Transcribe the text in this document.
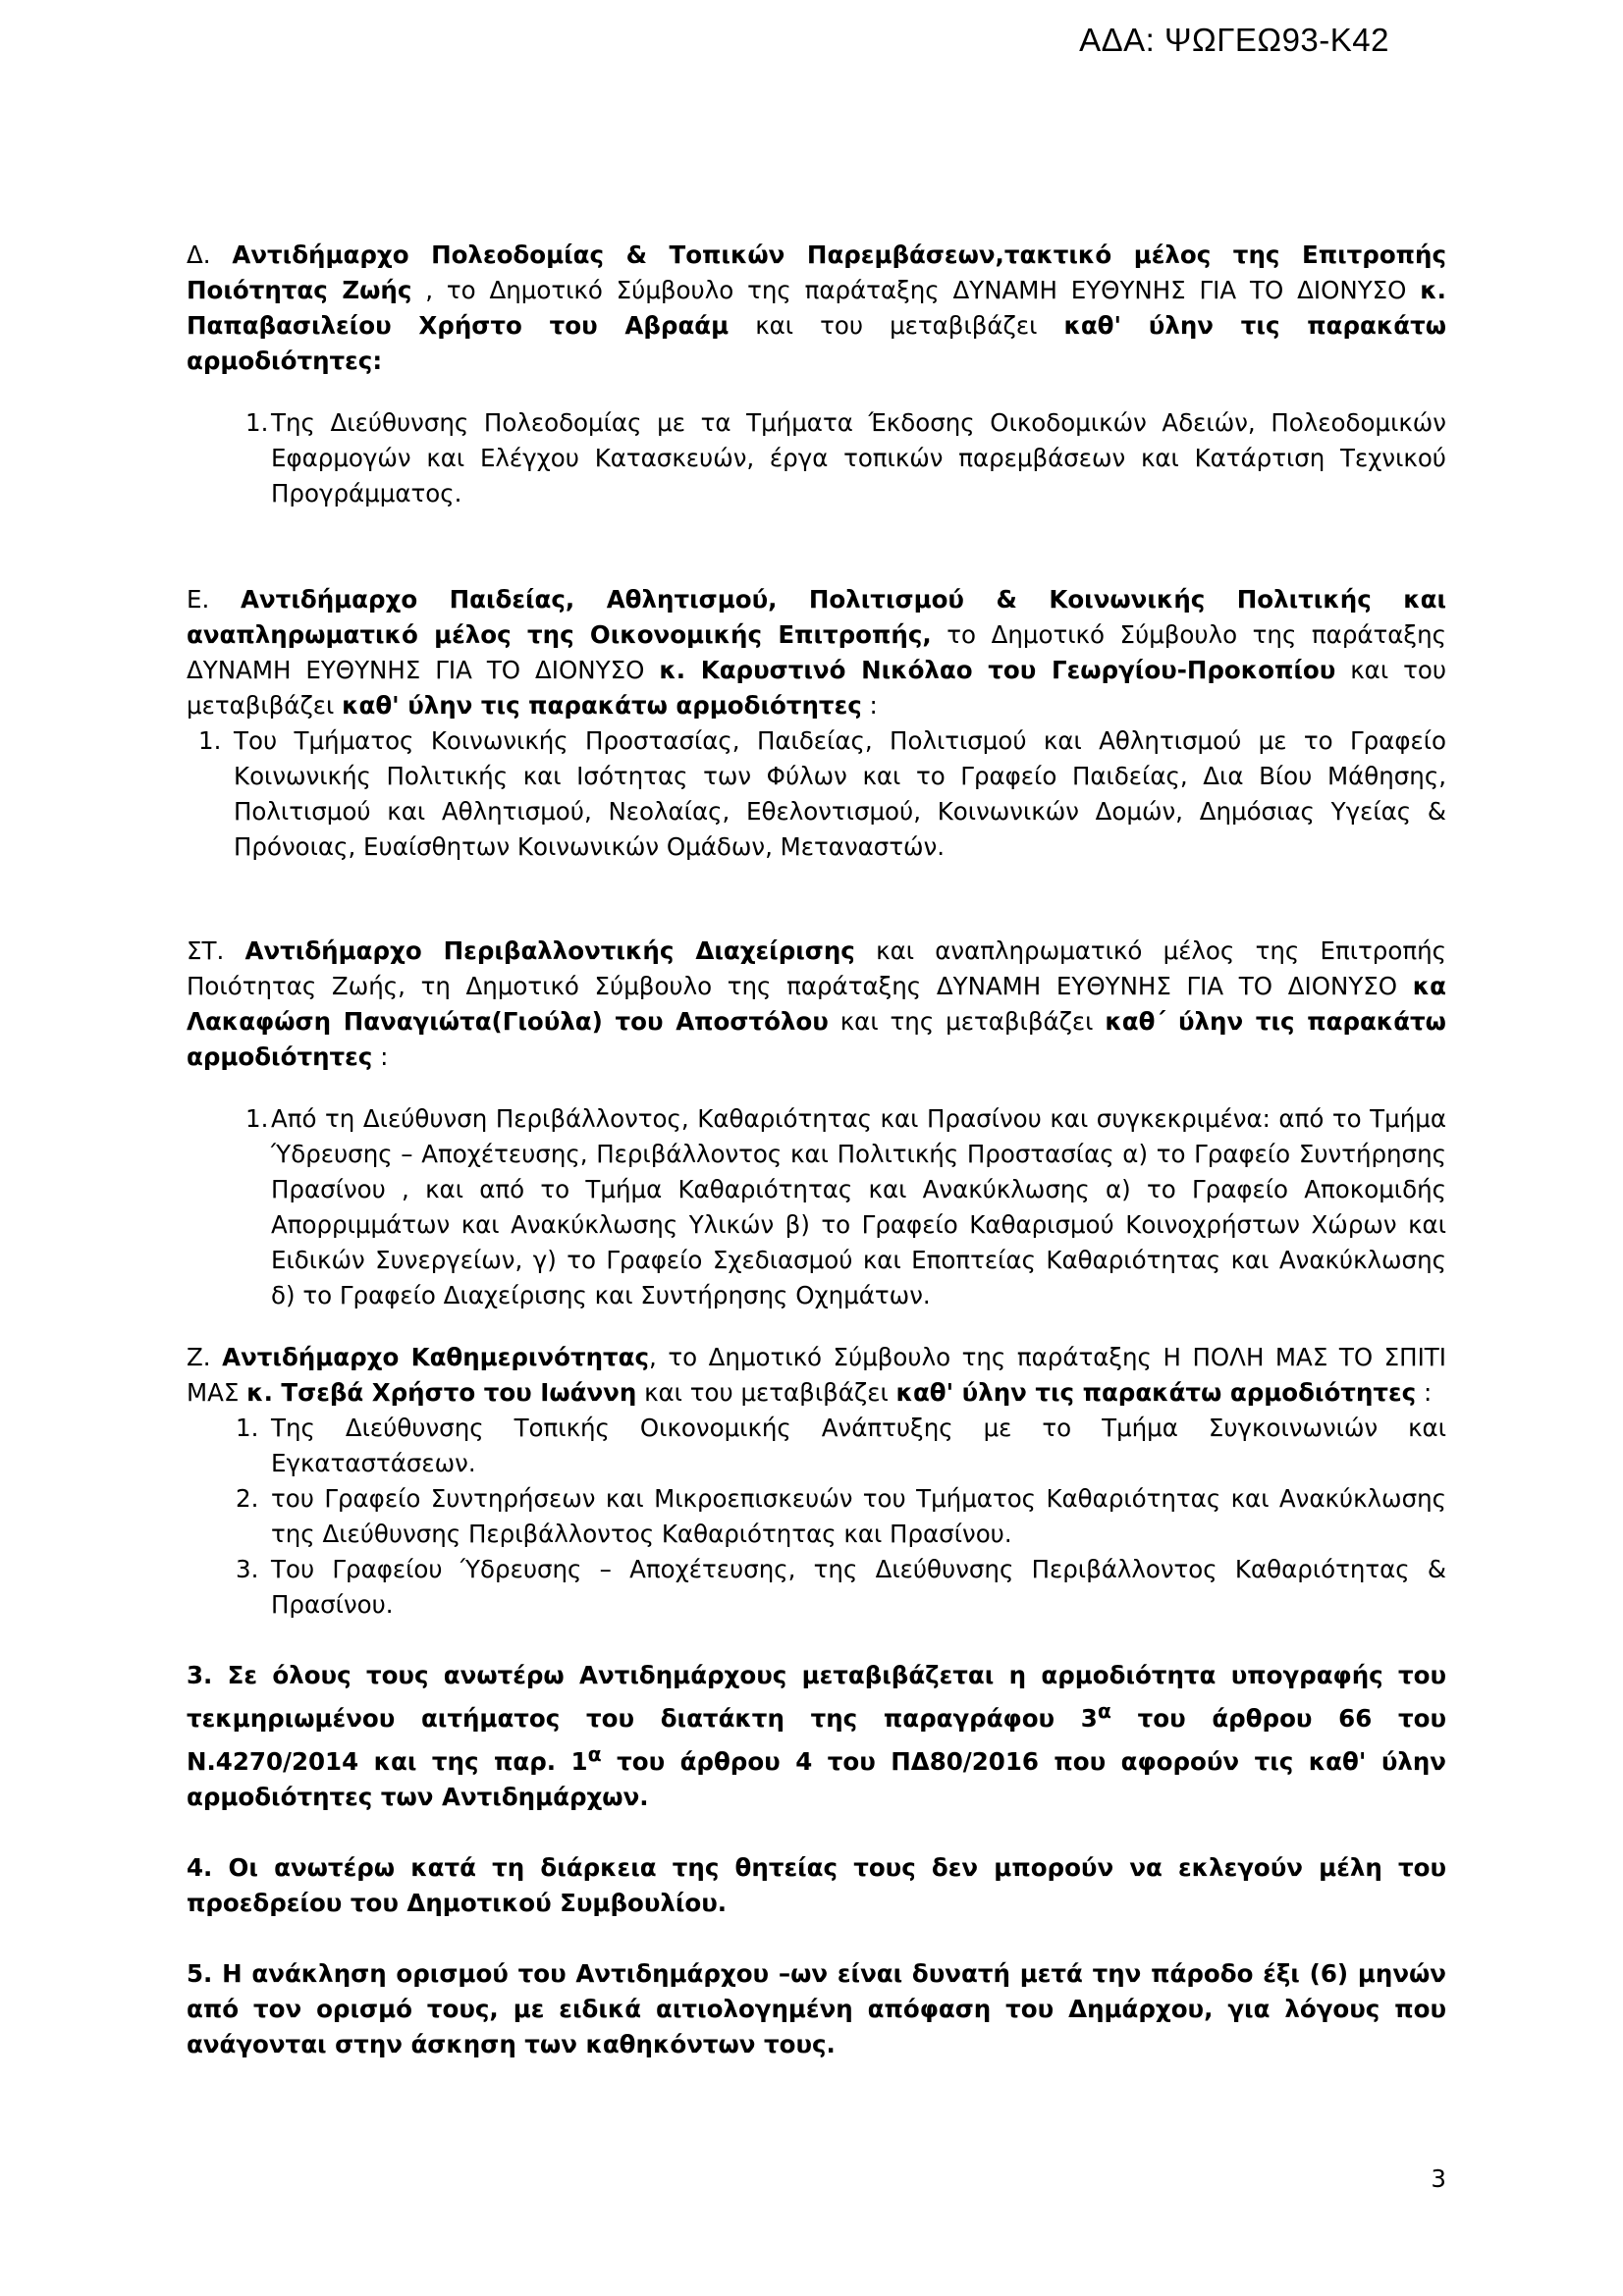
ΑΔΑ: ΨΩΓΕΩ93-Κ42

Δ. Αντιδήμαρχο Πολεοδομίας & Τοπικών Παρεμβάσεων,τακτικό μέλος της Επιτροπής Ποιότητας Ζωής , το Δημοτικό Σύμβουλο της παράταξης ΔΥΝΑΜΗ ΕΥΘΥΝΗΣ ΓΙΑ ΤΟ ΔΙΟΝΥΣΟ κ. Παπαβασιλείου Χρήστο του Αβραάμ και του μεταβιβάζει καθ' ύλην τις παρακάτω αρμοδιότητες:

1. Της Διεύθυνσης Πολεοδομίας με τα Τμήματα Έκδοσης Οικοδομικών Αδειών, Πολεοδομικών Εφαρμογών και Ελέγχου Κατασκευών, έργα τοπικών παρεμβάσεων και Κατάρτιση Τεχνικού Προγράμματος.

Ε. Αντιδήμαρχο Παιδείας, Αθλητισμού, Πολιτισμού & Κοινωνικής Πολιτικής και αναπληρωματικό μέλος της Οικονομικής Επιτροπής, το Δημοτικό Σύμβουλο της παράταξης ΔΥΝΑΜΗ ΕΥΘΥΝΗΣ ΓΙΑ ΤΟ ΔΙΟΝΥΣΟ κ. Καρυστινό Νικόλαο του Γεωργίου-Προκοπίου και του μεταβιβάζει καθ' ύλην τις παρακάτω αρμοδιότητες :

1. Του Τμήματος Κοινωνικής Προστασίας, Παιδείας, Πολιτισμού και Αθλητισμού με το Γραφείο Κοινωνικής Πολιτικής και Ισότητας των Φύλων και το Γραφείο Παιδείας, Δια Βίου Μάθησης, Πολιτισμού και Αθλητισμού, Νεολαίας, Εθελοντισμού, Κοινωνικών Δομών, Δημόσιας Υγείας & Πρόνοιας, Ευαίσθητων Κοινωνικών Ομάδων, Μεταναστών.

ΣΤ. Αντιδήμαρχο Περιβαλλοντικής Διαχείρισης και αναπληρωματικό μέλος της Επιτροπής Ποιότητας Ζωής, τη Δημοτικό Σύμβουλο της παράταξης ΔΥΝΑΜΗ ΕΥΘΥΝΗΣ ΓΙΑ ΤΟ ΔΙΟΝΥΣΟ κα Λακαφώση Παναγιώτα(Γιούλα) του Αποστόλου και της μεταβιβάζει καθ΄ ύλην τις παρακάτω αρμοδιότητες :

1. Από τη Διεύθυνση Περιβάλλοντος, Καθαριότητας και Πρασίνου και συγκεκριμένα: από το Τμήμα Ύδρευσης – Αποχέτευσης, Περιβάλλοντος και Πολιτικής Προστασίας α) το Γραφείο Συντήρησης Πρασίνου , και από το Τμήμα Καθαριότητας και Ανακύκλωσης α) το Γραφείο Αποκομιδής Απορριμμάτων και Ανακύκλωσης Υλικών β) το Γραφείο Καθαρισμού Κοινοχρήστων Χώρων και Ειδικών Συνεργείων, γ) το Γραφείο Σχεδιασμού και Εποπτείας Καθαριότητας και Ανακύκλωσης δ) το Γραφείο Διαχείρισης και Συντήρησης Οχημάτων.

Ζ. Αντιδήμαρχο Καθημερινότητας, το Δημοτικό Σύμβουλο της παράταξης Η ΠΟΛΗ ΜΑΣ ΤΟ ΣΠΙΤΙ ΜΑΣ κ. Τσεβά Χρήστο του Ιωάννη και του μεταβιβάζει καθ' ύλην τις παρακάτω αρμοδιότητες :

1. Της Διεύθυνσης Τοπικής Οικονομικής Ανάπτυξης με το Τμήμα Συγκοινωνιών και Εγκαταστάσεων.
2. του Γραφείο Συντηρήσεων και Μικροεπισκευών του Τμήματος Καθαριότητας και Ανακύκλωσης της Διεύθυνσης Περιβάλλοντος Καθαριότητας και Πρασίνου.
3. Του Γραφείου Ύδρευσης – Αποχέτευσης, της Διεύθυνσης Περιβάλλοντος Καθαριότητας & Πρασίνου.

3. Σε όλους τους ανωτέρω Αντιδημάρχους μεταβιβάζεται η αρμοδιότητα υπογραφής του τεκμηριωμένου αιτήματος του διατάκτη της παραγράφου $3^\alpha$ του άρθρου 66 του Ν.4270/2014 και της παρ. $1^\alpha$ του άρθρου 4 του ΠΔ80/2016 που αφορούν τις καθ' ύλην αρμοδιότητες των Αντιδημάρχων.

4. Οι ανωτέρω κατά τη διάρκεια της θητείας τους δεν μπορούν να εκλεγούν μέλη του προεδρείου του Δημοτικού Συμβουλίου.

5. Η ανάκληση ορισμού του Αντιδημάρχου –ων είναι δυνατή μετά την πάροδο έξι (6) μηνών από τον ορισμό τους, με ειδικά αιτιολογημένη απόφαση του Δημάρχου, για λόγους που ανάγονται στην άσκηση των καθηκόντων τους.

3
